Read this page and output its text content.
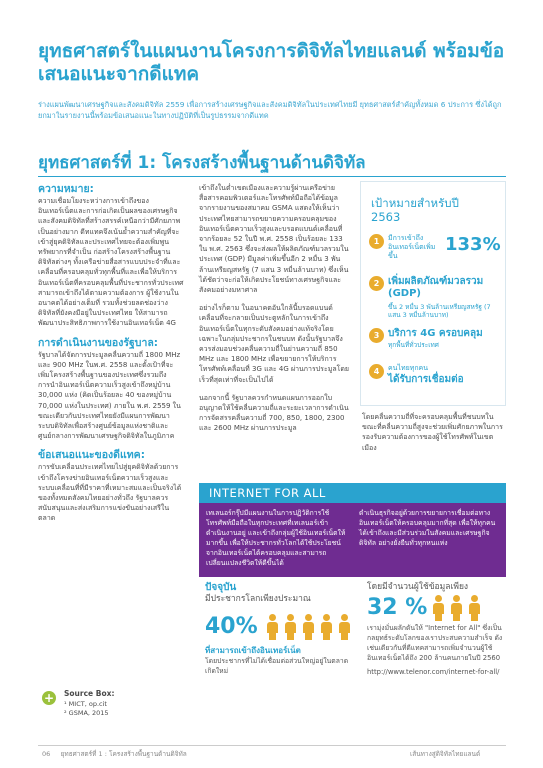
ยุทธศาสตร์ในแผนงานโครงการดิจิทัลไทยแลนด์ พร้อมข้อเสนอแนะจากดีแทค
ร่างแผนพัฒนาเศรษฐกิจและสังคมดิจิทัล 2559 เพื่อการสร้างเศรษฐกิจและสังคมดิจิทัลในประเทศไทยมี ยุทธศาสตร์สำคัญทั้งหมด 6 ประการ ซึ่งได้ถูกยกมาในรายงานนี้พร้อมข้อเสนอแนะในทางปฏิบัติที่เป็นรูปธรรมจากดีแทค
ยุทธศาสตร์ที่ 1: โครงสร้างพื้นฐานด้านดิจิทัล
ความหมาย:
ความเชื่อมโยงระหว่างการเข้าถึงของอินเทอร์เน็ตและการก่อเกิดเป็นผลของเศรษฐกิจและสังคมดิจิทัลที่สร้างสรรค์เหนือกว่ามีศักยภาพเป็นอย่างมาก ดีทแทคจึงเน้นย้ำความสำคัญที่จะเข้าสู่ยุคดิจิทัลและประเทศไทยจะต้องเพิ่มพูนทรัพยากรที่จำเป็น ก่อสร้างโครงสร้างพื้นฐาน ดิจิทัลต่างๆ ทั้งเครือข่ายสื่อสารแบบประจำที่และเคลื่อนที่ครอบคลุมทั่วทุกพื้นที่และเพื่อให้บริการอินเทอร์เน็ตที่ครอบคลุมพื้นที่ประชากรทั่วประเทศสามารถเข้าถึงได้ตามความต้องการ ผู้ใช้งานในอนาคตได้อย่างเต็มที่ รวมทั้งช่วยลดช่องว่างดิจิทัลที่ยังคงมีอยู่ในประเทศไทย ให้สามารถพัฒนาประสิทธิภาพการใช้งานอินเทอร์เน็ต 4G
การดำเนินงานของรัฐบาล:
รัฐบาลได้จัดการประมูลคลื่นความถี่ 1800 MHz และ 900 MHz ในพ.ศ. 2558 และตั้งเป้าที่จะเพิ่มโครงสร้างพื้นฐานของประเทศซึ่งรวมถึงการนำอินเทอร์เน็ตความเร็วสูงเข้าถึงหมู่บ้าน 30,000 แห่ง (คิดเป็นร้อยละ 40 ของหมู่บ้าน 70,000 แห่งในประเทศ) ภายใน พ.ศ. 2559 ในขณะเดียวกันประเทศไทยยังมีแผนการพัฒนาระบบดิจิทัลเพื่อสร้างศูนย์ข้อมูลแห่งชาติและศูนย์กลางการพัฒนาเศรษฐกิจดิจิทัลในภูมิภาค
ข้อเสนอแนะของดีแทค:
การขับเคลื่อนประเทศไทยไปสู่ยุคดิจิทัลด้วยการเข้าถึงโครงข่ายอินเทอร์เน็ตความเร็วสูงและระบบเคลื่อนที่ที่มีราคาที่เหมาะสมและเป็นจริงได้ของทั้งหมดสังคมไทยอย่างทั่วถึง รัฐบาลควรสนับสนุนและส่งเสริมการแข่งขันอย่างเสรีในตลาด
เข้าถึงในต่ำเขตเมืองและความรู้ผ่านเครือข่ายสื่อสารคอมพิวเตอร์และโทรศัพท์มือถือได้ข้อมูลจากรายงานของสมาคม GSMA แสดงให้เห็นว่าประเทศไทยสามารถขยายความครอบคลุมของอินเทอร์เน็ตความเร็วสูงและบรอดแบนด์เคลื่อนที่จากร้อยละ 52 ในปี พ.ศ. 2558 เป็นร้อยละ 133 ใน พ.ศ. 2563 ซึ่งจะส่งผลให้ผลิตภัณฑ์มวลรวมในประเทศ (GDP) มีมูลค่าเพิ่มขึ้นอีก 2 หมื่น 3 พันล้านเหรียญสหรัฐ (7 แสน 3 หมื่นล้านบาท) ซึ่งเห็นได้ชัดว่าจะก่อให้เกิดประโยชน์ทางเศรษฐกิจและสังคมอย่างมหาศาล
อย่างไรก็ตาม ในอนาคตอันใกล้นี้บรอดแบนด์เคลื่อนที่จะกลายเป็นประตูหลักในการเข้าถึงอินเทอร์เน็ตในทุกระดับสังคมอย่างแท้จริงโดยเฉพาะในกลุ่มประชากรในชนบท ดังนั้นรัฐบาลจึงควรส่งมอบช่วงคลื่นความถี่ในย่านความถี่ 850 MHz และ 1800 MHz เพื่อขยายการให้บริการโทรศัพท์เคลื่อนที่ 3G และ 4G ผ่านการประมูลโดยเร็วที่สุดเท่าที่จะเป็นไปได้
นอกจากนี้ รัฐบาลควรกำหนดแผนการออกใบอนุญาตให้ใช้คลื่นความถี่และระยะเวลาการดำเนินการจัดสรรคลื่นความถี่ 700, 850, 1800, 2300 และ 2600 MHz ผ่านการประมูล
เป้าหมายสำหรับปี 2563
1	มีการเข้าถึงอินเทอร์เน็ตเพิ่มขึ้น
133%
2 เพิ่มผลิตภัณฑ์มวลรวม (GDP)
ขึ้น 2 หมื่น 3 พันล้านเหรียญสหรัฐ (7 แสน 3 หมื่นล้านบาท)
3 บริการ 4G ครอบคลุม
ทุกพื้นที่ทั่วประเทศ
4	คนไทยทุกคน
ได้รับการเชื่อมต่อ
โดยคลื่นความถี่ที่จะครอบคลุมพื้นที่ชนบทในขณะที่คลื่นความถี่สูงจะช่วยเพิ่มศักยภาพในการรองรับความต้องการของผู้ใช้โทรศัพท์ในเขตเมือง
INTERNET FOR ALL
เทเลนอร์กรุ๊ปมีแผนงานในการปฏิวัติการใช้โทรศัพท์มือถือในทุกประเทศที่เทเลนอร์เข้าดำเนินงานอยู่ และเข้าถึงกลุ่มผู้ใช้อินเทอร์เน็ตให้มากขึ้น เพื่อให้ประชากรทั่วโลกได้ใช้ประโยชน์จากอินเทอร์เน็ตได้ครอบคลุมและสามารถเปลี่ยนแปลงชีวิตให้ดีขึ้นได้
ดำเนินธุรกิจอยู่ด้วยการขยายการเชื่อมต่อทางอินเทอร์เน็ตให้ครอบคลุมมากที่สุด เพื่อให้ทุกคนได้เข้าถึงและมีส่วนร่วมในสังคมและเศรษฐกิจดิจิทัล อย่างยั่งยืนทั่วทุกหนแห่ง
ปัจจุบัน
มีประชากรโลกเพียงประมาณ
40%

ที่สามารถเข้าถึงอินเทอร์เน็ต
โดยประชากรที่ไม่ได้เชื่อมต่อส่วนใหญ่อยู่ในตลาดเกิดใหม่
โดยมีจำนวนผู้ใช้ข้อมูลเพียง
32 %

เรามุ่งมั่นผลักดันให้ "Internet for All" ซึ่งเป็นกลยุทธ์ระดับโลกของเราประสบความสำเร็จ ดังเช่นเดียวกันที่ดีแทคสามารถเพิ่มจำนวนผู้ใช้อินเทอร์เน็ตได้ถึง 200 ล้านคนภายในปี 2560
http://www.telenor.com/internet-for-all/
+ Source Box:
¹ MICT, op.cit
² GSMA, 2015
06 ยุทธศาสตร์ที่ 1 : โครงสร้างพื้นฐานด้านดิจิทัล	เส้นทางสู่ดิจิทัลไทยแลนด์
